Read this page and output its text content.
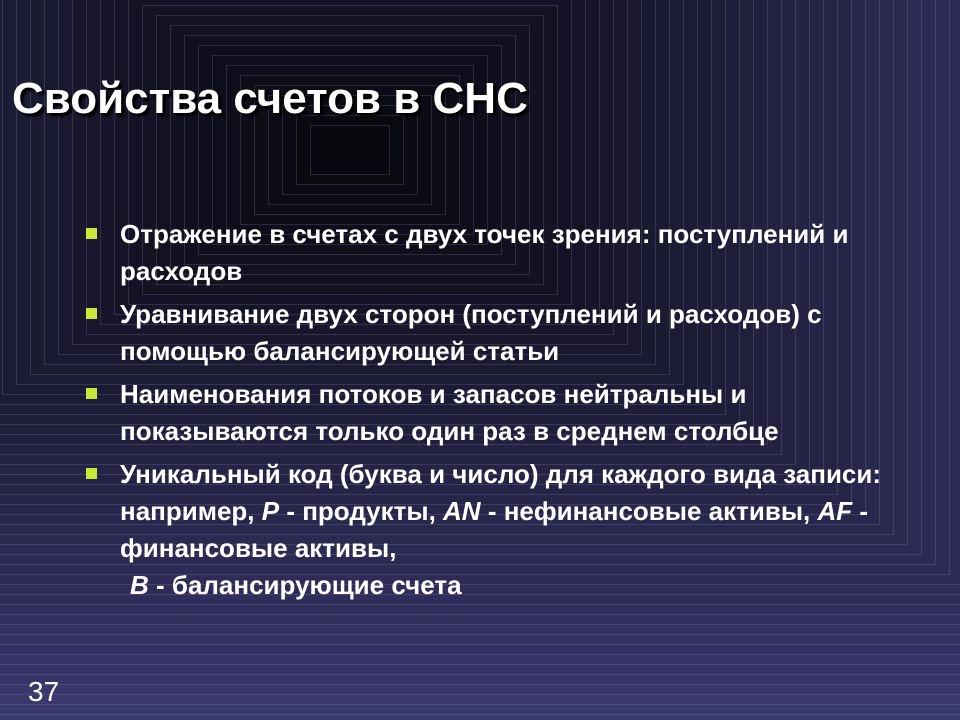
Свойства счетов в СНС
Отражение в счетах с двух точек зрения: поступлений и расходов
Уравнивание двух сторон (поступлений и расходов) с помощью балансирующей статьи
Наименования потоков и запасов нейтральны и показываются только один раз в среднем столбце
Уникальный код (буква и число) для каждого вида записи: например, P - продукты, AN - нефинансовые активы, AF - финансовые активы,
B - балансирующие счета
37
